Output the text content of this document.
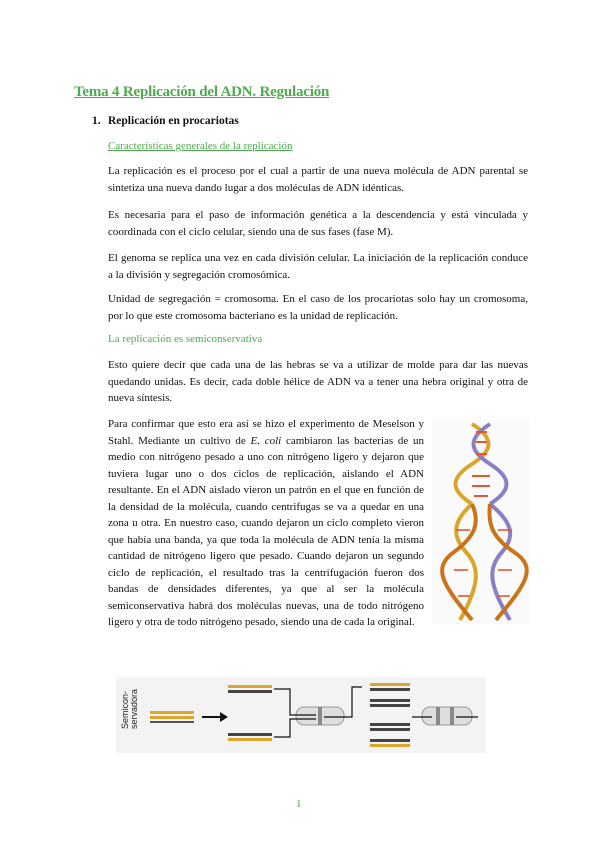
Tema 4 Replicación del ADN. Regulación
1. Replicación en procariotas
Características generales de la replicación
La replicación es el proceso por el cual a partir de una nueva molécula de ADN parental se sintetiza una nueva dando lugar a dos moléculas de ADN idénticas.
Es necesaria para el paso de información genética a la descendencia y está vinculada y coordinada con el ciclo celular, siendo una de sus fases (fase M).
El genoma se replica una vez en cada división celular. La iniciación de la replicación conduce a la división y segregación cromosómica.
Unidad de segregación = cromosoma. En el caso de los procariotas solo hay un cromosoma, por lo que este cromosoma bacteriano es la unidad de replicación.
La replicación es semiconservativa
Esto quiere decir que cada una de las hebras se va a utilizar de molde para dar las nuevas quedando unidas. Es decir, cada doble hélice de ADN va a tener una hebra original y otra de nueva síntesis.
Para confirmar que esto era así se hizo el experimento de Meselson y Stahl. Mediante un cultivo de E. coli cambiaron las bacterias de un medio con nitrógeno pesado a uno con nitrógeno ligero y dejaron que tuviera lugar uno o dos ciclos de replicación, aislando el ADN resultante. En el ADN aislado vieron un patrón en el que en función de la densidad de la molécula, cuando centrifugas se va a quedar en una zona u otra. En nuestro caso, cuando dejaron un ciclo completo vieron que había una banda, ya que toda la molécula de ADN tenía la misma cantidad de nitrógeno ligero que pesado. Cuando dejaron un segundo ciclo de replicación, el resultado tras la centrifugación fueron dos bandas de densidades diferentes, ya que al ser la molécula semiconservativa habrá dos moléculas nuevas, una de todo nitrógeno ligero y otra de todo nitrógeno pesado, siendo una de cada la original.
Semicon-servadora
1
